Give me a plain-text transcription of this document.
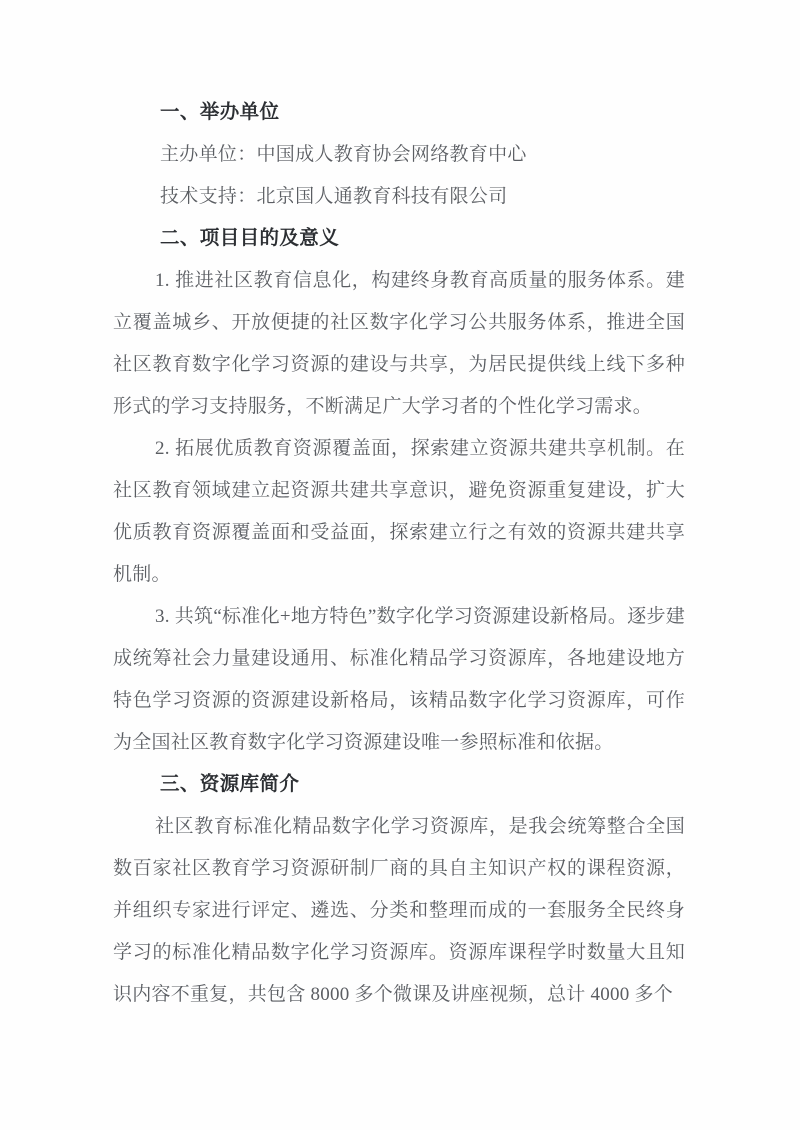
一、举办单位

主办单位：中国成人教育协会网络教育中心

技术支持：北京国人通教育科技有限公司

二、项目目的及意义

1. 推进社区教育信息化，构建终身教育高质量的服务体系。建立覆盖城乡、开放便捷的社区数字化学习公共服务体系，推进全国社区教育数字化学习资源的建设与共享，为居民提供线上线下多种形式的学习支持服务，不断满足广大学习者的个性化学习需求。

2. 拓展优质教育资源覆盖面，探索建立资源共建共享机制。在社区教育领域建立起资源共建共享意识，避免资源重复建设，扩大优质教育资源覆盖面和受益面，探索建立行之有效的资源共建共享机制。

3. 共筑“标准化+地方特色”数字化学习资源建设新格局。逐步建成统筹社会力量建设通用、标准化精品学习资源库，各地建设地方特色学习资源的资源建设新格局，该精品数字化学习资源库，可作为全国社区教育数字化学习资源建设唯一参照标准和依据。

三、资源库简介

社区教育标准化精品数字化学习资源库，是我会统筹整合全国数百家社区教育学习资源研制厂商的具自主知识产权的课程资源，并组织专家进行评定、遴选、分类和整理而成的一套服务全民终身学习的标准化精品数字化学习资源库。资源库课程学时数量大且知识内容不重复，共包含 8000 多个微课及讲座视频，总计 4000 多个
